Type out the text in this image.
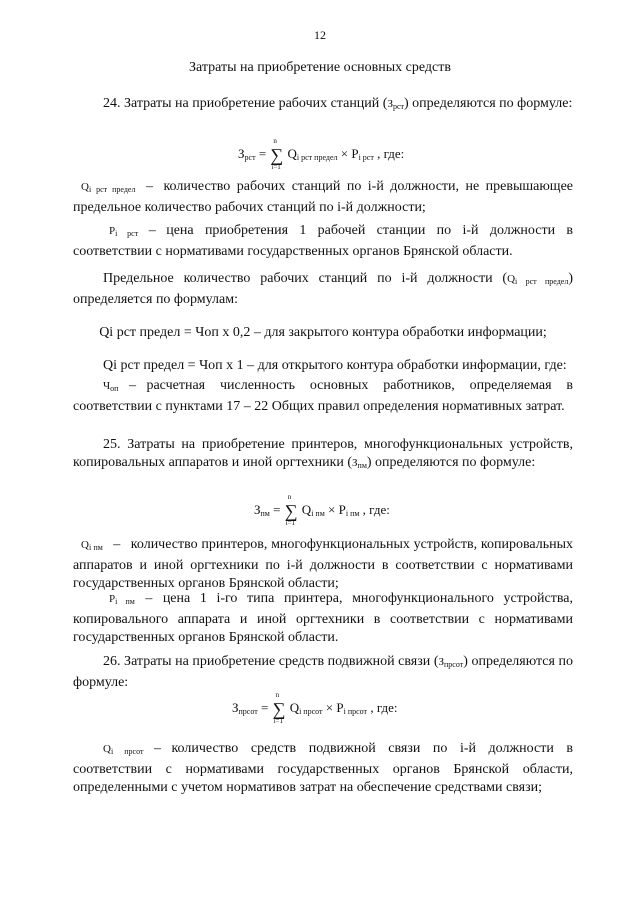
12
Затраты на приобретение основных средств
24. Затраты на приобретение рабочих станций $(З_{рст})$ определяются по формуле:
$З_{рст}$ = ∑
n
i=1
$Q_{i рст предел} \times P_{i рст}$ , где:
$Q_{i рст предел}$ – количество рабочих станций по i-й должности, не превышающее предельное количество рабочих станций по i-й должности;
$P_{i рст}$ – цена приобретения 1 рабочей станции по i-й должности в соответствии с нормативами государственных органов Брянской области.
Предельное количество рабочих станций по i-й должности $(Q_{i рст предел})$ определяется по формулам:
Qi рст предел = Чоп х 0,2 – для закрытого контура обработки информации;
Qi рст предел = Чоп х 1 – для открытого контура обработки информации, где:
$Ч_{оп}$ – расчетная численность основных работников, определяемая в соответствии с пунктами 17 – 22 Общих правил определения нормативных затрат.
25. Затраты на приобретение принтеров, многофункциональных устройств, копировальных аппаратов и иной оргтехники $(З_{пм})$ определяются по формуле:
$З_{пм}$ = ∑
n
i=1
$Q_{i пм} \times P_{i пм}$ , где:
$Q_{i пм}$ – количество принтеров, многофункциональных устройств, копировальных аппаратов и иной оргтехники по i-й должности в соответствии с нормативами государственных органов Брянской области;
$P_{i пм}$ – цена 1 i-го типа принтера, многофункционального устройства, копировального аппарата и иной оргтехники в соответствии с нормативами государственных органов Брянской области.
26. Затраты на приобретение средств подвижной связи $(З_{прсот})$ определяются по формуле:
$З_{прсот}$ = ∑
n
i=1
$Q_{i прсот} \times P_{i прсот}$ , где:
$Q_{i прсот}$ – количество средств подвижной связи по i-й должности в соответствии с нормативами государственных органов Брянской области, определенными с учетом нормативов затрат на обеспечение средствами связи;
